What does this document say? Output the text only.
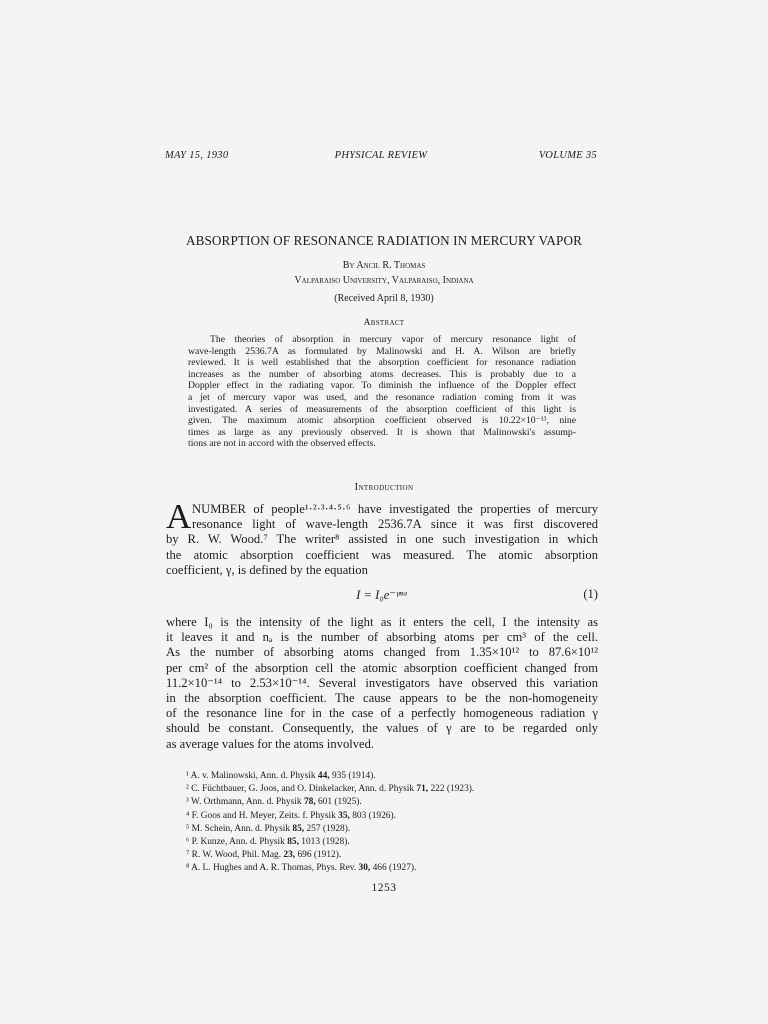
MAY 15, 1930	PHYSICAL REVIEW	VOLUME 35
ABSORPTION OF RESONANCE RADIATION IN MERCURY VAPOR
By Ancil R. Thomas
Valparaiso University, Valparaiso, Indiana
(Received April 8, 1930)
Abstract
The theories of absorption in mercury vapor of mercury resonance light of
wave-length 2536.7A as formulated by Malinowski and H. A. Wilson are briefly
reviewed. It is well established that the absorption coefficient for resonance radiation
increases as the number of absorbing atoms decreases. This is probably due to a
Doppler effect in the radiating vapor. To diminish the influence of the Doppler effect
a jet of mercury vapor was used, and the resonance radiation coming from it was
investigated. A series of measurements of the absorption coefficient of this light is
given. The maximum atomic absorption coefficient observed is 10.22×10⁻¹³, nine
times as large as any previously observed. It is shown that Malinowski's assump-
tions are not in accord with the observed effects.
Introduction
A NUMBER of people¹·²·³·⁴·⁵·⁶ have investigated the properties of mercury
resonance light of wave-length 2536.7A since it was first discovered
by R. W. Wood.⁷ The writer⁸ assisted in one such investigation in which
the atomic absorption coefficient was measured. The atomic absorption
coefficient, γ, is defined by the equation
I = I₀e⁻ᵞⁿᵃ	(1)
where I₀ is the intensity of the light as it enters the cell, I the intensity as
it leaves it and nₐ is the number of absorbing atoms per cm³ of the cell.
As the number of absorbing atoms changed from 1.35×10¹² to 87.6×10¹²
per cm² of the absorption cell the atomic absorption coefficient changed from
11.2×10⁻¹⁴ to 2.53×10⁻¹⁴. Several investigators have observed this variation
in the absorption coefficient. The cause appears to be the non-homogeneity
of the resonance line for in the case of a perfectly homogeneous radiation γ
should be constant. Consequently, the values of γ are to be regarded only
as average values for the atoms involved.
¹ A. v. Malinowski, Ann. d. Physik 44, 935 (1914).
² C. Füchtbauer, G. Joos, and O. Dinkelacker, Ann. d. Physik 71, 222 (1923).
³ W. Orthmann, Ann. d. Physik 78, 601 (1925).
⁴ F. Goos and H. Meyer, Zeits. f. Physik 35, 803 (1926).
⁵ M. Schein, Ann. d. Physik 85, 257 (1928).
⁶ P. Kunze, Ann. d. Physik 85, 1013 (1928).
⁷ R. W. Wood, Phil. Mag. 23, 696 (1912).
⁸ A. L. Hughes and A. R. Thomas, Phys. Rev. 30, 466 (1927).
1253
